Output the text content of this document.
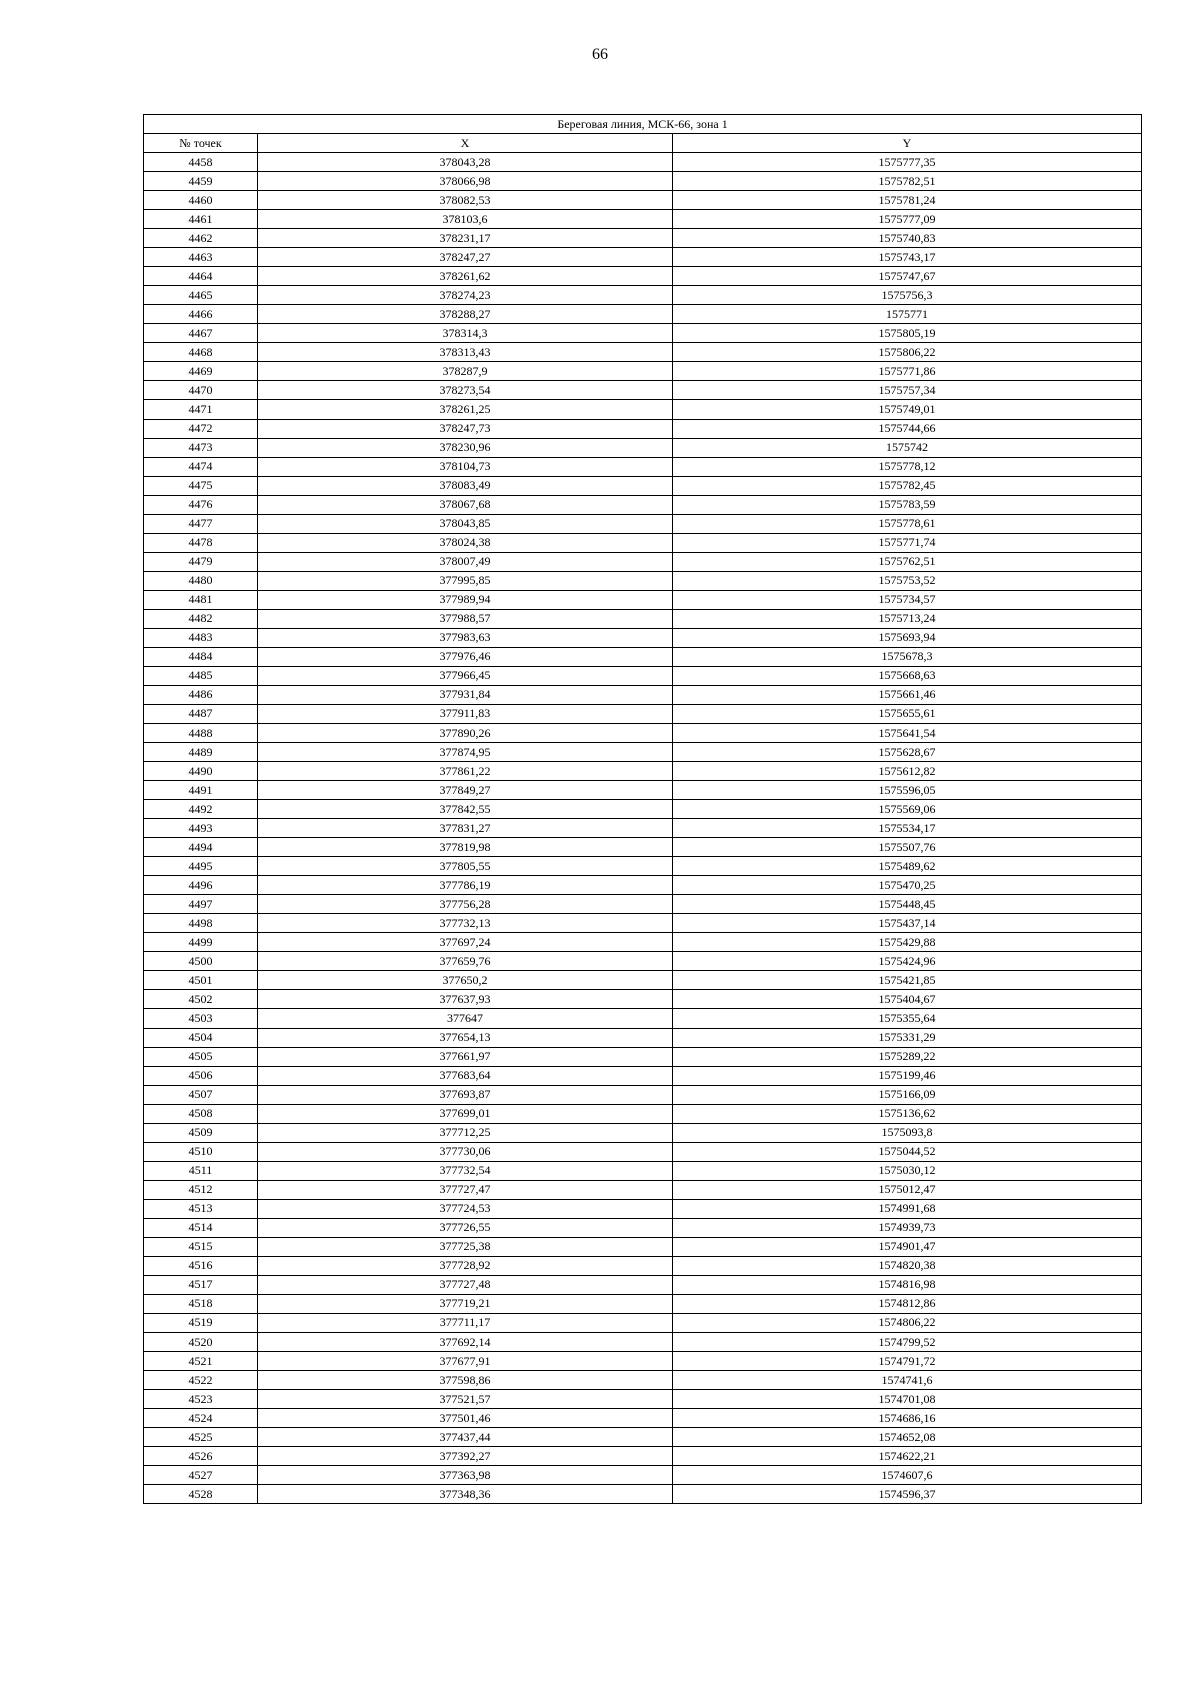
66
Береговая линия, МСК-66, зона 1		
№ точек	X	Y
4458	378043,28	1575777,35
4459	378066,98	1575782,51
4460	378082,53	1575781,24
4461	378103,6	1575777,09
4462	378231,17	1575740,83
4463	378247,27	1575743,17
4464	378261,62	1575747,67
4465	378274,23	1575756,3
4466	378288,27	1575771
4467	378314,3	1575805,19
4468	378313,43	1575806,22
4469	378287,9	1575771,86
4470	378273,54	1575757,34
4471	378261,25	1575749,01
4472	378247,73	1575744,66
4473	378230,96	1575742
4474	378104,73	1575778,12
4475	378083,49	1575782,45
4476	378067,68	1575783,59
4477	378043,85	1575778,61
4478	378024,38	1575771,74
4479	378007,49	1575762,51
4480	377995,85	1575753,52
4481	377989,94	1575734,57
4482	377988,57	1575713,24
4483	377983,63	1575693,94
4484	377976,46	1575678,3
4485	377966,45	1575668,63
4486	377931,84	1575661,46
4487	377911,83	1575655,61
4488	377890,26	1575641,54
4489	377874,95	1575628,67
4490	377861,22	1575612,82
4491	377849,27	1575596,05
4492	377842,55	1575569,06
4493	377831,27	1575534,17
4494	377819,98	1575507,76
4495	377805,55	1575489,62
4496	377786,19	1575470,25
4497	377756,28	1575448,45
4498	377732,13	1575437,14
4499	377697,24	1575429,88
4500	377659,76	1575424,96
4501	377650,2	1575421,85
4502	377637,93	1575404,67
4503	377647	1575355,64
4504	377654,13	1575331,29
4505	377661,97	1575289,22
4506	377683,64	1575199,46
4507	377693,87	1575166,09
4508	377699,01	1575136,62
4509	377712,25	1575093,8
4510	377730,06	1575044,52
4511	377732,54	1575030,12
4512	377727,47	1575012,47
4513	377724,53	1574991,68
4514	377726,55	1574939,73
4515	377725,38	1574901,47
4516	377728,92	1574820,38
4517	377727,48	1574816,98
4518	377719,21	1574812,86
4519	377711,17	1574806,22
4520	377692,14	1574799,52
4521	377677,91	1574791,72
4522	377598,86	1574741,6
4523	377521,57	1574701,08
4524	377501,46	1574686,16
4525	377437,44	1574652,08
4526	377392,27	1574622,21
4527	377363,98	1574607,6
4528	377348,36	1574596,37
